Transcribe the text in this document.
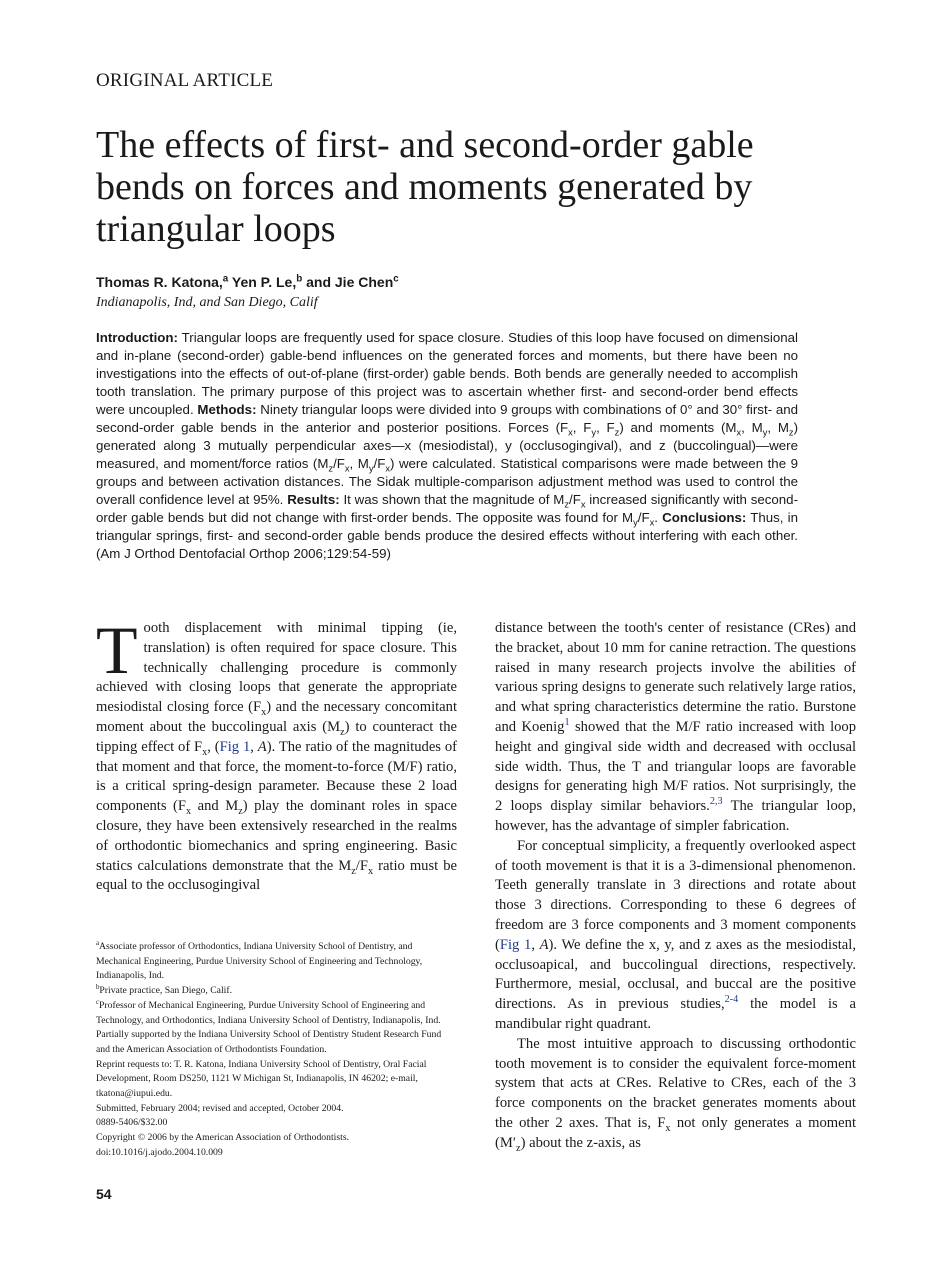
ORIGINAL ARTICLE
The effects of first- and second-order gable bends on forces and moments generated by triangular loops
Thomas R. Katona,$^a$ Yen P. Le,$^b$ and Jie Chen$^c$
Indianapolis, Ind, and San Diego, Calif

Introduction: Triangular loops are frequently used for space closure. Studies of this loop have focused on dimensional and in-plane (second-order) gable-bend influences on the generated forces and moments, but there have been no investigations into the effects of out-of-plane (first-order) gable bends. Both bends are generally needed to accomplish tooth translation. The primary purpose of this project was to ascertain whether first- and second-order bend effects were uncoupled. Methods: Ninety triangular loops were divided into 9 groups with combinations of 0° and 30° first- and second-order gable bends in the anterior and posterior positions. Forces ($F_x$, $F_y$, $F_z$) and moments ($M_x$, $M_y$, $M_z$) generated along 3 mutually perpendicular axes—x (mesiodistal), y (occlusogingival), and z (buccolingual)—were measured, and moment/force ratios ($M_z/F_x$, $M_y/F_x$) were calculated. Statistical comparisons were made between the 9 groups and between activation distances. The Sidak multiple-comparison adjustment method was used to control the overall confidence level at 95%. Results: It was shown that the magnitude of $M_z/F_x$ increased significantly with second-order gable bends but did not change with first-order bends. The opposite was found for $M_y/F_x$. Conclusions: Thus, in triangular springs, first- and second-order gable bends produce the desired effects without interfering with each other. (Am J Orthod Dentofacial Orthop 2006;129:54-59)

Tooth displacement with minimal tipping (ie, translation) is often required for space closure. This technically challenging procedure is commonly achieved with closing loops that generate the appropriate mesiodistal closing force $(F_x)$ and the necessary concomitant moment about the buccolingual axis $(M_z)$ to counteract the tipping effect of $F_x$, (Fig 1, A). The ratio of the magnitudes of that moment and that force, the moment-to-force (M/F) ratio, is a critical spring-design parameter. Because these 2 load components ($F_x$ and $M_z$) play the dominant roles in space closure, they have been extensively researched in the realms of orthodontic biomechanics and spring engineering. Basic statics calculations demonstrate that the $M_z/F_x$ ratio must be equal to the occlusogingival

$^a$Associate professor of Orthodontics, Indiana University School of Dentistry, and Mechanical Engineering, Purdue University School of Engineering and Technology, Indianapolis, Ind.
$^b$Private practice, San Diego, Calif.
$^c$Professor of Mechanical Engineering, Purdue University School of Engineering and Technology, and Orthodontics, Indiana University School of Dentistry, Indianapolis, Ind.
Partially supported by the Indiana University School of Dentistry Student Research Fund and the American Association of Orthodontists Foundation.
Reprint requests to: T. R. Katona, Indiana University School of Dentistry, Oral Facial Development, Room DS250, 1121 W Michigan St, Indianapolis, IN 46202; e-mail, tkatona@iupui.edu.
Submitted, February 2004; revised and accepted, October 2004.
0889-5406/$32.00
Copyright © 2006 by the American Association of Orthodontists.
doi:10.1016/j.ajodo.2004.10.009

distance between the tooth's center of resistance (CRes) and the bracket, about 10 mm for canine retraction. The questions raised in many research projects involve the abilities of various spring designs to generate such relatively large ratios, and what spring characteristics determine the ratio. Burstone and Koenig$^1$ showed that the M/F ratio increased with loop height and gingival side width and decreased with occlusal side width. Thus, the T and triangular loops are favorable designs for generating high M/F ratios. Not surprisingly, the 2 loops display similar behaviors.$^{2,3}$ The triangular loop, however, has the advantage of simpler fabrication.

For conceptual simplicity, a frequently overlooked aspect of tooth movement is that it is a 3-dimensional phenomenon. Teeth generally translate in 3 directions and rotate about those 3 directions. Corresponding to these 6 degrees of freedom are 3 force components and 3 moment components (Fig 1, A). We define the x, y, and z axes as the mesiodistal, occlusoapical, and buccolingual directions, respectively. Furthermore, mesial, occlusal, and buccal are the positive directions. As in previous studies,$^{2-4}$ the model is a mandibular right quadrant.

The most intuitive approach to discussing orthodontic tooth movement is to consider the equivalent force-moment system that acts at CRes. Relative to CRes, each of the 3 force components on the bracket generates moments about the other 2 axes. That is, $F_x$ not only generates a moment $(M'_z)$ about the z-axis, as

54
